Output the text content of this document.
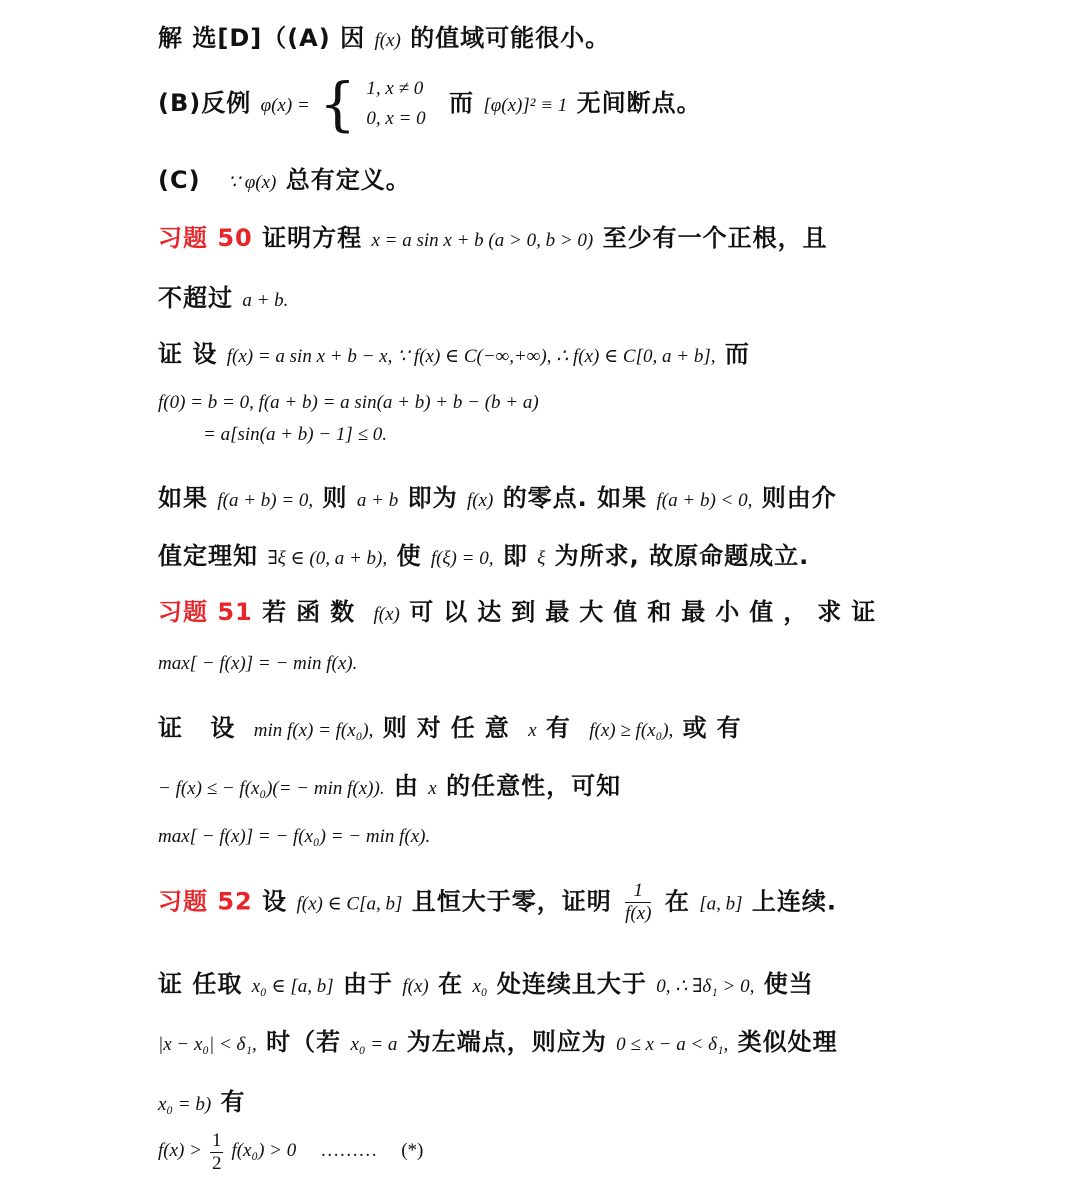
解 选[D]（(A) 因 f(x) 的值域可能很小。
(B)反例 φ(x) = { 1, x ≠ 0
0, x = 0
而 [φ(x)]² ≡ 1 无间断点。
(C) ∵ φ(x) 总有定义。
习题 50 证明方程 x = a sin x + b (a > 0, b > 0) 至少有一个正根，且
不超过 a + b.
证 设 f(x) = a sin x + b − x, ∵ f(x) ∈ C(−∞,+∞), ∴ f(x) ∈ C[0, a + b], 而
f(0) = b = 0, f(a + b) = a sin(a + b) + b − (b + a)
= a[sin(a + b) − 1] ≤ 0.
如果 f(a + b) = 0, 则 a + b 即为 f(x) 的零点. 如果 f(a + b) < 0, 则由介
值定理知 ∃ξ ∈ (0, a + b), 使 f(ξ) = 0, 即 ξ 为所求, 故原命题成立.
习题 51 若函数 f(x) 可以达到最大值和最小值，求证
max[ − f(x)] = − min f(x).
证 设 min f(x) = f(x₀), 则对任意 x 有 f(x) ≥ f(x₀), 或有
− f(x) ≤ − f(x₀)(= − min f(x)). 由 x 的任意性，可知
max[ − f(x)] = − f(x₀) = − min f(x).
习题 52 设 f(x) ∈ C[a, b] 且恒大于零，证明 $\frac{1}{f(x)}$ 在 [a, b] 上连续.
证 任取 x₀ ∈ [a, b] 由于 f(x) 在 x₀ 处连续且大于 0, ∴ ∃δ₁ > 0, 使当
|x − x₀| < δ₁, 时（若 x₀ = a 为左端点，则应为 0 ≤ x − a < δ₁, 类似处理
x₀ = b) 有
$f(x) > \frac{1}{2} f(x_0) > 0$ ……… (*)
